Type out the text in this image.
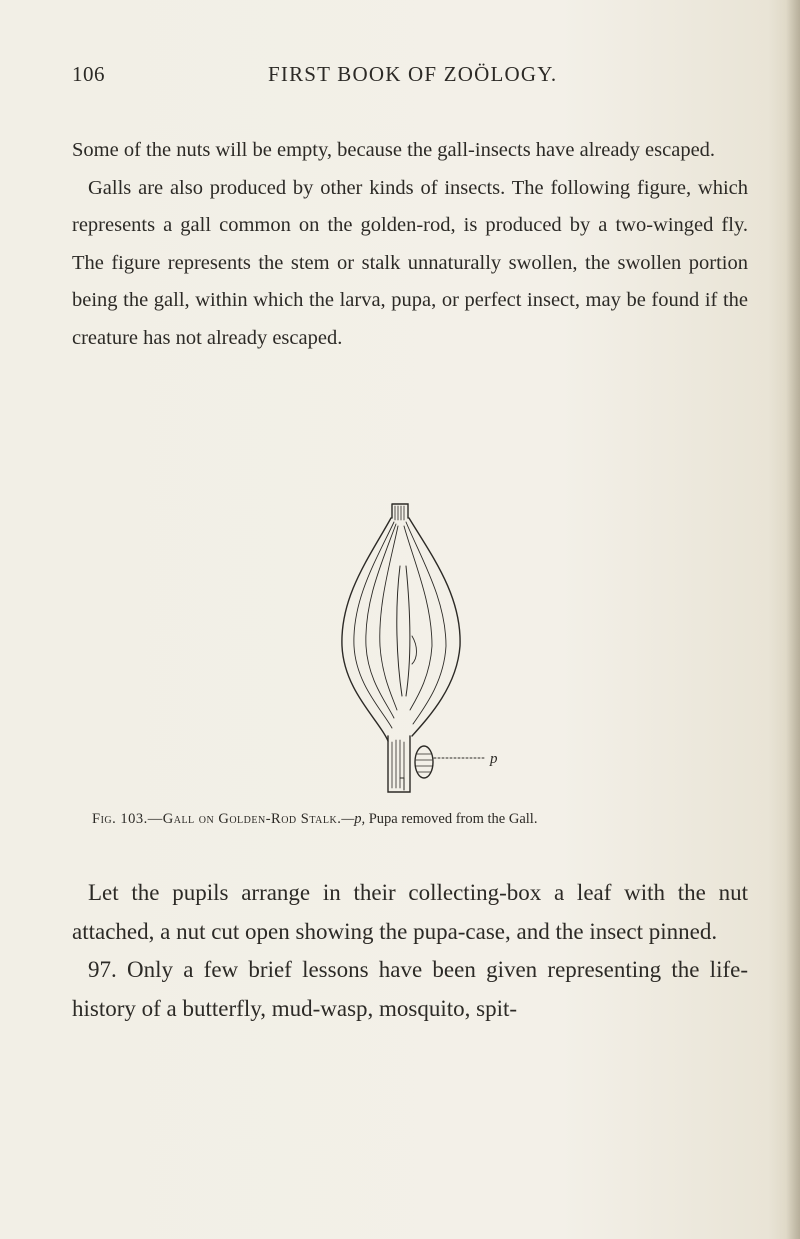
106	FIRST BOOK OF ZOÖLOGY.

Some of the nuts will be empty, because the gall-insects have already escaped.

Galls are also produced by other kinds of insects. The following figure, which represents a gall common on the golden-rod, is produced by a two-winged fly. The figure represents the stem or stalk unnaturally swollen, the swollen portion being the gall, within which the larva, pupa, or perfect insect, may be found if the creature has not already escaped.

p
Fig. 103.—Gall on Golden-Rod Stalk.—p, Pupa removed from the Gall.

Let the pupils arrange in their collecting-box a leaf with the nut attached, a nut cut open showing the pupa-case, and the insect pinned.

97. Only a few brief lessons have been given representing the life-history of a butterfly, mud-wasp, mosquito, spit-
